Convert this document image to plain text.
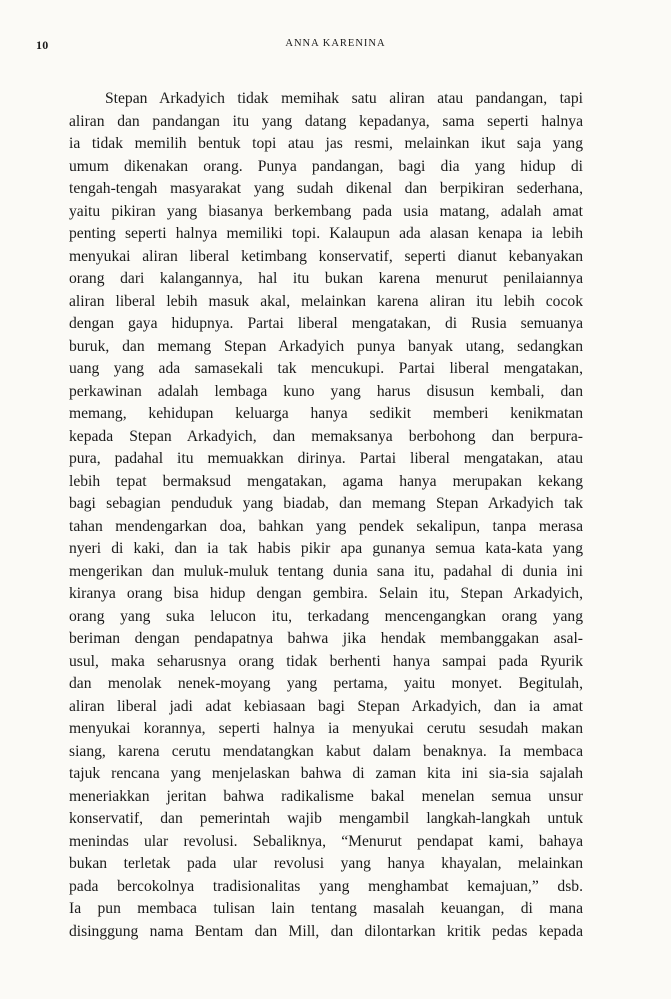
10	ANNA KARENINA
Stepan Arkadyich tidak memihak satu aliran atau pandangan, tapi
aliran dan pandangan itu yang datang kepadanya, sama seperti halnya
ia tidak memilih bentuk topi atau jas resmi, melainkan ikut saja yang
umum dikenakan orang. Punya pandangan, bagi dia yang hidup di
tengah-tengah masyarakat yang sudah dikenal dan berpikiran sederhana,
yaitu pikiran yang biasanya berkembang pada usia matang, adalah amat
penting seperti halnya memiliki topi. Kalaupun ada alasan kenapa ia lebih
menyukai aliran liberal ketimbang konservatif, seperti dianut kebanyakan
orang dari kalangannya, hal itu bukan karena menurut penilaiannya
aliran liberal lebih masuk akal, melainkan karena aliran itu lebih cocok
dengan gaya hidupnya. Partai liberal mengatakan, di Rusia semuanya
buruk, dan memang Stepan Arkadyich punya banyak utang, sedangkan
uang yang ada samasekali tak mencukupi. Partai liberal mengatakan,
perkawinan adalah lembaga kuno yang harus disusun kembali, dan
memang, kehidupan keluarga hanya sedikit memberi kenikmatan
kepada Stepan Arkadyich, dan memaksanya berbohong dan berpura-
pura, padahal itu memuakkan dirinya. Partai liberal mengatakan, atau
lebih tepat bermaksud mengatakan, agama hanya merupakan kekang
bagi sebagian penduduk yang biadab, dan memang Stepan Arkadyich tak
tahan mendengarkan doa, bahkan yang pendek sekalipun, tanpa merasa
nyeri di kaki, dan ia tak habis pikir apa gunanya semua kata-kata yang
mengerikan dan muluk-muluk tentang dunia sana itu, padahal di dunia ini
kiranya orang bisa hidup dengan gembira. Selain itu, Stepan Arkadyich,
orang yang suka lelucon itu, terkadang mencengangkan orang yang
beriman dengan pendapatnya bahwa jika hendak membanggakan asal-
usul, maka seharusnya orang tidak berhenti hanya sampai pada Ryurik
dan menolak nenek-moyang yang pertama, yaitu monyet. Begitulah,
aliran liberal jadi adat kebiasaan bagi Stepan Arkadyich, dan ia amat
menyukai korannya, seperti halnya ia menyukai cerutu sesudah makan
siang, karena cerutu mendatangkan kabut dalam benaknya. Ia membaca
tajuk rencana yang menjelaskan bahwa di zaman kita ini sia-sia sajalah
meneriakkan jeritan bahwa radikalisme bakal menelan semua unsur
konservatif, dan pemerintah wajib mengambil langkah-langkah untuk
menindas ular revolusi. Sebaliknya, “Menurut pendapat kami, bahaya
bukan terletak pada ular revolusi yang hanya khayalan, melainkan
pada bercokolnya tradisionalitas yang menghambat kemajuan,” dsb.
Ia pun membaca tulisan lain tentang masalah keuangan, di mana
disinggung nama Bentam dan Mill, dan dilontarkan kritik pedas kepada
